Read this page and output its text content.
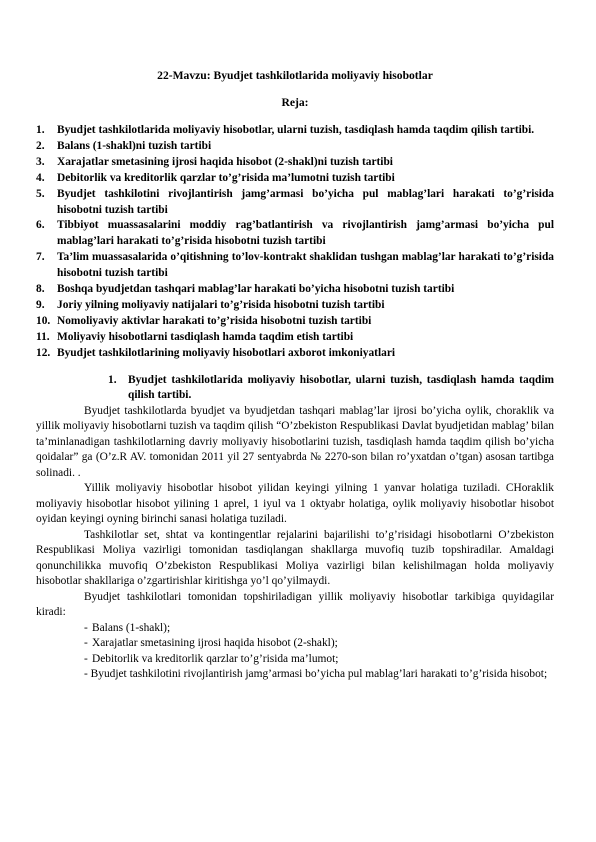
22-Mavzu: Byudjet tashkilotlarida moliyaviy hisobotlar
Reja:
1. Byudjet tashkilotlarida moliyaviy hisobotlar, ularni tuzish, tasdiqlash hamda taqdim qilish tartibi.
2. Balans (1-shakl)ni tuzish tartibi
3. Xarajatlar smetasining ijrosi haqida hisobot (2-shakl)ni tuzish tartibi
4. Debitorlik va kreditorlik qarzlar to’g’risida ma’lumotni tuzish tartibi
5. Byudjet tashkilotini rivojlantirish jamg’armasi bo’yicha pul mablag’lari harakati to’g’risida hisobotni tuzish tartibi
6. Tibbiyot muassasalarini moddiy rag’batlantirish va rivojlantirish jamg’armasi bo’yicha pul mablag’lari harakati to’g’risida hisobotni tuzish tartibi
7. Ta’lim muassasalarida o’qitishning to’lov-kontrakt shaklidan tushgan mablag’lar harakati to’g’risida hisobotni tuzish tartibi
8. Boshqa byudjetdan tashqari mablag’lar harakati bo’yicha hisobotni tuzish tartibi
9. Joriy yilning moliyaviy natijalari to’g’risida hisobotni tuzish tartibi
10. Nomoliyaviy aktivlar harakati to’g’risida hisobotni tuzish tartibi
11. Moliyaviy hisobotlarni tasdiqlash hamda taqdim etish tartibi
12. Byudjet tashkilotlarining moliyaviy hisobotlari axborot imkoniyatlari
1. Byudjet tashkilotlarida moliyaviy hisobotlar, ularni tuzish, tasdiqlash hamda taqdim qilish tartibi.

Byudjet tashkilotlarda byudjet va byudjetdan tashqari mablag’lar ijrosi bo’yicha oylik, choraklik va yillik moliyaviy hisobotlarni tuzish va taqdim qilish “O’zbekiston Respublikasi Davlat byudjetidan mablag’ bilan ta’minlanadigan tashkilotlarning davriy moliyaviy hisobotlarini tuzish, tasdiqlash hamda taqdim qilish bo’yicha qoidalar” ga (O’z.R AV. tomonidan 2011 yil 27 sentyabrda № 2270-son bilan ro’yxatdan o’tgan) asosan tartibga solinadi. .

Yillik moliyaviy hisobotlar hisobot yilidan keyingi yilning 1 yanvar holatiga tuziladi. CHoraklik moliyaviy hisobotlar hisobot yilining 1 aprel, 1 iyul va 1 oktyabr holatiga, oylik moliyaviy hisobotlar hisobot oyidan keyingi oyning birinchi sanasi holatiga tuziladi.

Tashkilotlar set, shtat va kontingentlar rejalarini bajarilishi to’g’risidagi hisobotlarni O’zbekiston Respublikasi Moliya vazirligi tomonidan tasdiqlangan shakllarga muvofiq tuzib topshiradilar. Amaldagi qonunchilikka muvofiq O’zbekiston Respublikasi Moliya vazirligi bilan kelishilmagan holda moliyaviy hisobotlar shakllariga o’zgartirishlar kiritishga yo’l qo’yilmaydi.

Byudjet tashkilotlari tomonidan topshiriladigan yillik moliyaviy hisobotlar tarkibiga quyidagilar kiradi:

- Balans (1-shakl);
- Xarajatlar smetasining ijrosi haqida hisobot (2-shakl);
- Debitorlik va kreditorlik qarzlar to’g’risida ma’lumot;
- Byudjet tashkilotini rivojlantirish jamg’armasi bo’yicha pul mablag’lari harakati to’g’risida hisobot;
